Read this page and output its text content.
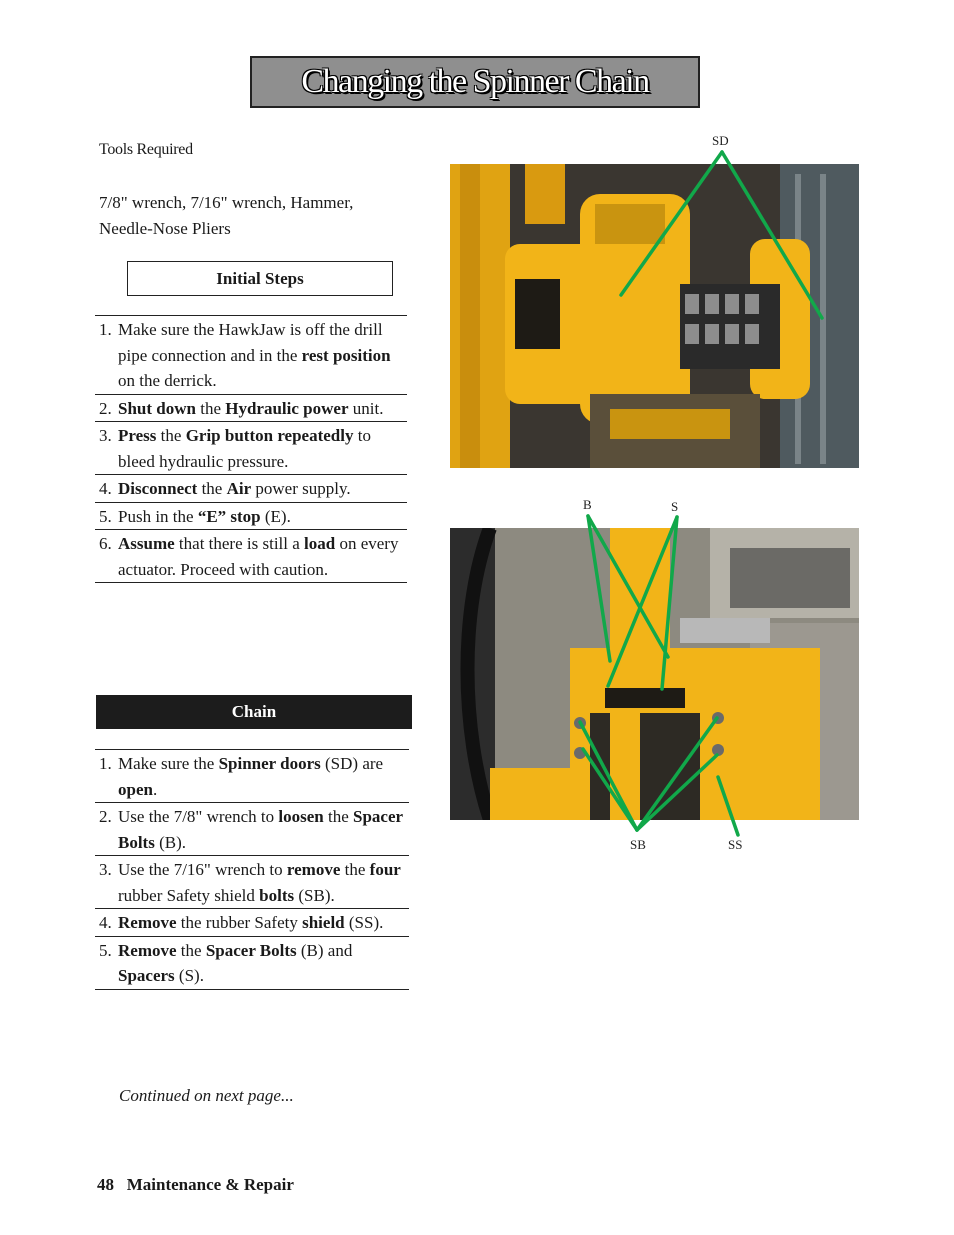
Changing the Spinner Chain
Tools Required
7/8" wrench, 7/16" wrench, Hammer, Needle-Nose Pliers
Initial Steps
1. Make sure the HawkJaw is off the drill pipe connection and in the rest position on the derrick.
2. Shut down the Hydraulic power unit.
3. Press the Grip button repeatedly to bleed hydraulic pressure.
4. Disconnect the Air power supply.
5. Push in the “E” stop (E).
6. Assume that there is still a load on every actuator. Proceed with caution.
Chain
1. Make sure the Spinner doors (SD) are open.
2. Use the 7/8" wrench to loosen the Spacer Bolts (B).
3. Use the 7/16" wrench to remove the four rubber Safety shield bolts (SB).
4. Remove the rubber Safety shield (SS).
5. Remove the Spacer Bolts (B) and Spacers (S).
Continued on next page...
48   Maintenance & Repair
SD
B	S
SB	SS
